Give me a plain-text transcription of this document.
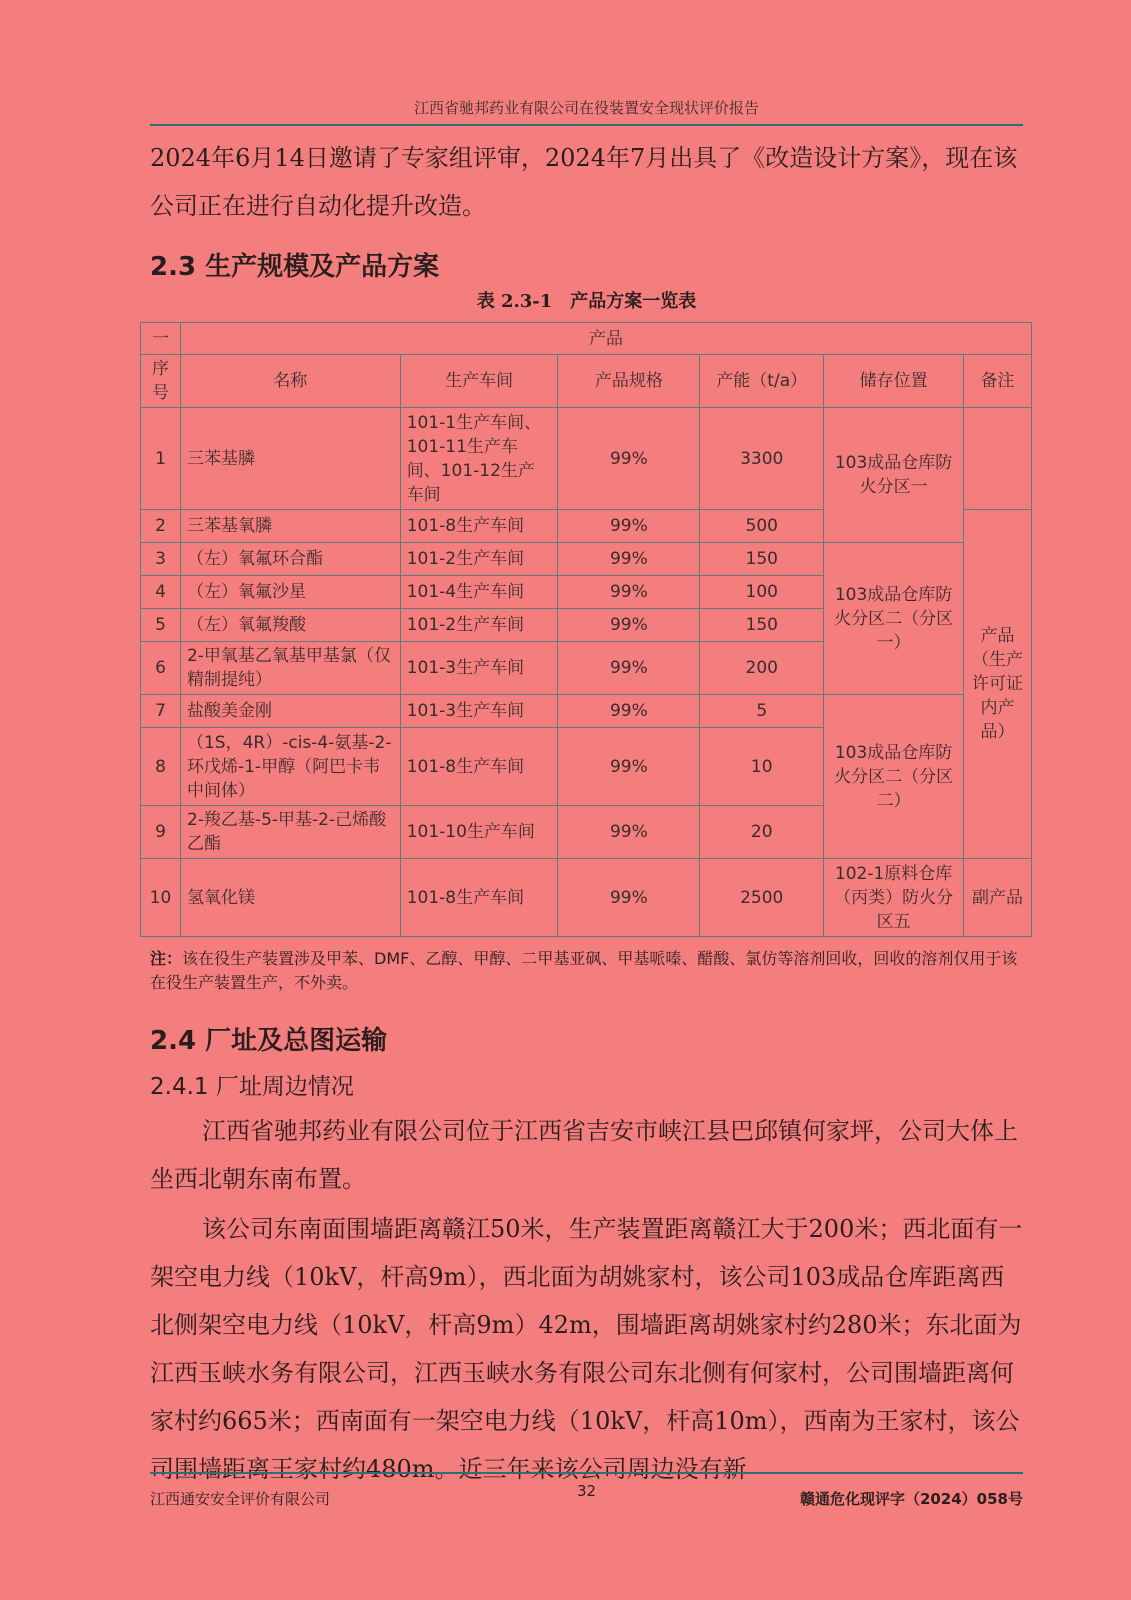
江西省驰邦药业有限公司在役装置安全现状评价报告

2024年6月14日邀请了专家组评审，2024年7月出具了《改造设计方案》，现在该公司正在进行自动化提升改造。

2.3 生产规模及产品方案
表 2.3-1　产品方案一览表
一	产品					
序号	名称	生产车间	产品规格	产能（t/a）	储存位置	备注
1	三苯基膦	101-1生产车间、101-11生产车间、101-12生产车间	99%	3300	103成品仓库防火分区一	
2	三苯基氧膦	101-8生产车间	99%	500		产品（生产许可证内产品）
3	（左）氧氟环合酯	101-2生产车间	99%	150	103成品仓库防火分区二（分区一）	
4	（左）氧氟沙星	101-4生产车间	99%	100		
5	（左）氧氟羧酸	101-2生产车间	99%	150		
6	2-甲氧基乙氧基甲基氯（仅精制提纯）	101-3生产车间	99%	200		
7	盐酸美金刚	101-3生产车间	99%	5	103成品仓库防火分区二（分区二）	
8	（1S，4R）-cis-4-氨基-2-环戊烯-1-甲醇（阿巴卡韦中间体）	101-8生产车间	99%	10		
9	2-羧乙基-5-甲基-2-己烯酸乙酯	101-10生产车间	99%	20		
10	氢氧化镁	101-8生产车间	99%	2500	102-1原料仓库（丙类）防火分区五	副产品
注：该在役生产装置涉及甲苯、DMF、乙醇、甲醇、二甲基亚砜、甲基哌嗪、醋酸、氯仿等溶剂回收，回收的溶剂仅用于该在役生产装置生产，不外卖。
2.4 厂址及总图运输
2.4.1 厂址周边情况

江西省驰邦药业有限公司位于江西省吉安市峡江县巴邱镇何家坪，公司大体上坐西北朝东南布置。

该公司东南面围墙距离赣江50米，生产装置距离赣江大于200米；西北面有一架空电力线（10kV，杆高9m），西北面为胡姚家村，该公司103成品仓库距离西北侧架空电力线（10kV，杆高9m）42m，围墙距离胡姚家村约280米；东北面为江西玉峡水务有限公司，江西玉峡水务有限公司东北侧有何家村，公司围墙距离何家村约665米；西南面有一架空电力线（10kV，杆高10m），西南为王家村，该公司围墙距离王家村约480m。近三年来该公司周边没有新

江西通安安全评价有限公司	32	赣通危化现评字（2024）058号
